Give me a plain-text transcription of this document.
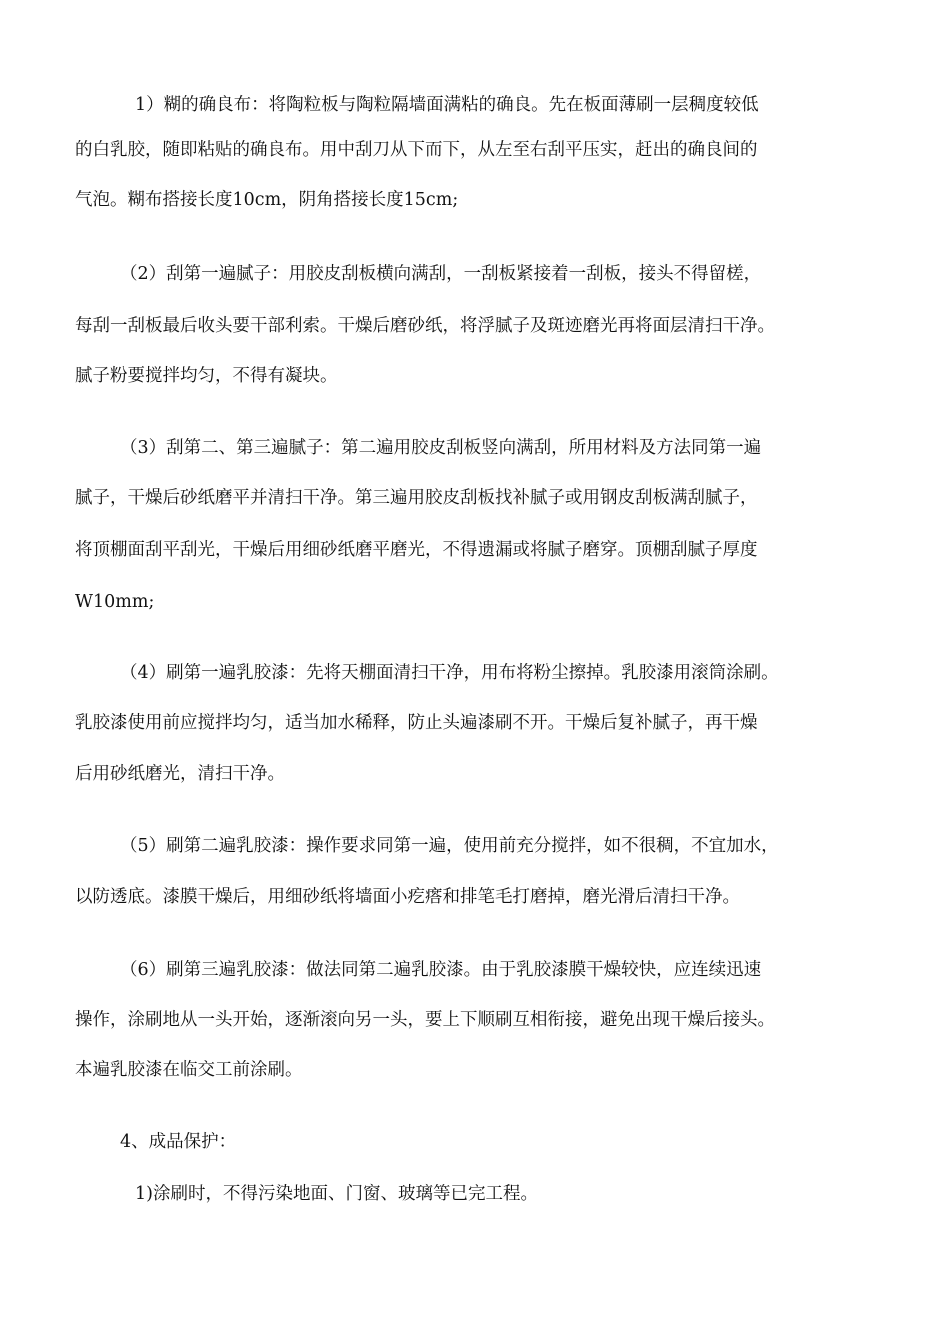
1）糊的确良布：将陶粒板与陶粒隔墙面满粘的确良。先在板面薄刷一层稠度较低
的白乳胶，随即粘贴的确良布。用中刮刀从下而下，从左至右刮平压实，赶出的确良间的
气泡。糊布搭接长度10cm，阴角搭接长度15cm;
（2）刮第一遍腻子：用胶皮刮板横向满刮，一刮板紧接着一刮板，接头不得留槎，
每刮一刮板最后收头要干部利索。干燥后磨砂纸，将浮腻子及斑迹磨光再将面层清扫干净。
腻子粉要搅拌均匀，不得有凝块。
（3）刮第二、第三遍腻子：第二遍用胶皮刮板竖向满刮，所用材料及方法同第一遍
腻子，干燥后砂纸磨平并清扫干净。第三遍用胶皮刮板找补腻子或用钢皮刮板满刮腻子，
将顶棚面刮平刮光，干燥后用细砂纸磨平磨光，不得遗漏或将腻子磨穿。顶棚刮腻子厚度
W10mm;
（4）刷第一遍乳胶漆：先将天棚面清扫干净，用布将粉尘擦掉。乳胶漆用滚筒涂刷。
乳胶漆使用前应搅拌均匀，适当加水稀释，防止头遍漆刷不开。干燥后复补腻子，再干燥
后用砂纸磨光，清扫干净。
（5）刷第二遍乳胶漆：操作要求同第一遍，使用前充分搅拌，如不很稠，不宜加水，
以防透底。漆膜干燥后，用细砂纸将墙面小疙瘩和排笔毛打磨掉，磨光滑后清扫干净。
（6）刷第三遍乳胶漆：做法同第二遍乳胶漆。由于乳胶漆膜干燥较快，应连续迅速
操作，涂刷地从一头开始，逐渐滚向另一头，要上下顺刷互相衔接，避免出现干燥后接头。
本遍乳胶漆在临交工前涂刷。
4、成品保护：
1)涂刷时，不得污染地面、门窗、玻璃等已完工程。
